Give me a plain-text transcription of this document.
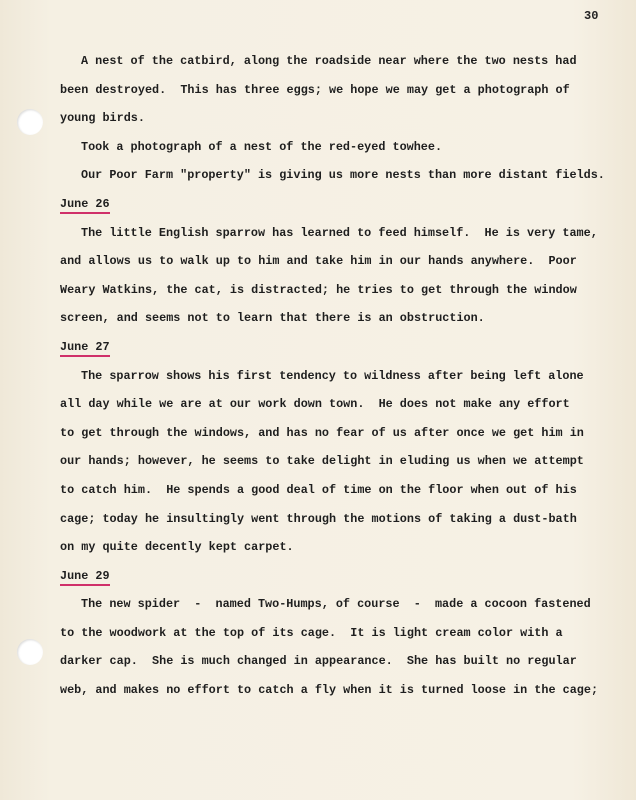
30
A nest of the catbird, along the roadside near where the two nests had
been destroyed.  This has three eggs; we hope we may get a photograph of
young birds.
Took a photograph of a nest of the red-eyed towhee.
Our Poor Farm "property" is giving us more nests than more distant fields.
June 26
The little English sparrow has learned to feed himself.  He is very tame,
and allows us to walk up to him and take him in our hands anywhere.  Poor
Weary Watkins, the cat, is distracted; he tries to get through the window
screen, and seems not to learn that there is an obstruction.
June 27
The sparrow shows his first tendency to wildness after being left alone
all day while we are at our work down town.  He does not make any effort
to get through the windows, and has no fear of us after once we get him in
our hands; however, he seems to take delight in eluding us when we attempt
to catch him.  He spends a good deal of time on the floor when out of his
cage; today he insultingly went through the motions of taking a dust-bath
on my quite decently kept carpet.
June 29
The new spider  -  named Two-Humps, of course  -  made a cocoon fastened
to the woodwork at the top of its cage.  It is light cream color with a
darker cap.  She is much changed in appearance.  She has built no regular
web, and makes no effort to catch a fly when it is turned loose in the cage;
